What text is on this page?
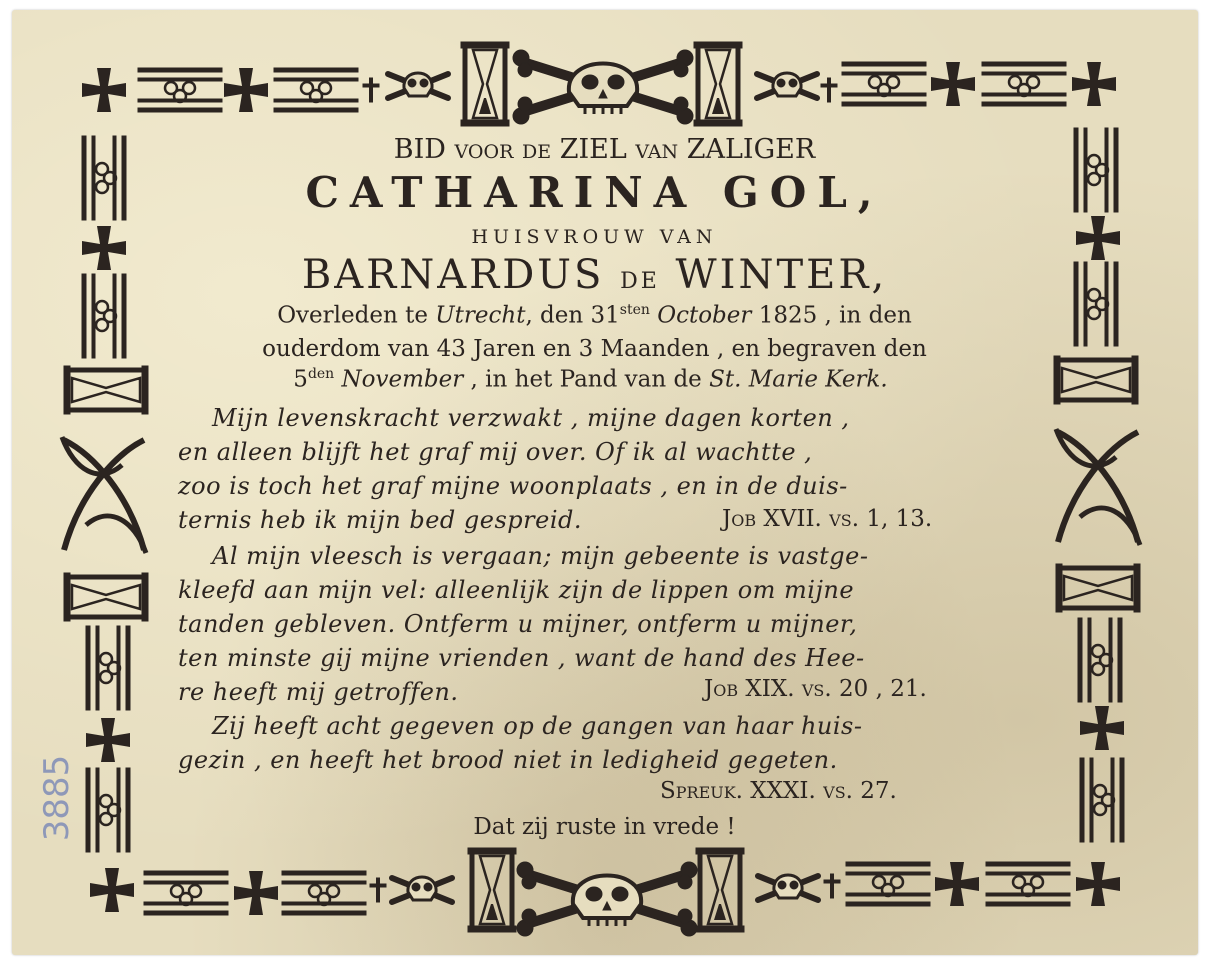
BID voor de ZIEL van ZALIGER
CATHARINA GOL,
HUISVROUW VAN
BARNARDUS de WINTER,
Overleden te Utrecht, den $31^{sten}$ October 1825 , in den
ouderdom van 43 Jaren en 3 Maanden , en begraven den
$5^{den}$ November , in het Pand van de St. Marie Kerk.
Mijn levenskracht verzwakt , mijne dagen korten ,
en alleen blijft het graf mij over. Of ik al wachtte ,
zoo is toch het graf mijne woonplaats , en in de duis-
ternis heb ik mijn bed gespreid.	Job XVII. vs. 1, 13.
Al mijn vleesch is vergaan; mijn gebeente is vastge-
kleefd aan mijn vel: alleenlijk zijn de lippen om mijne
tanden gebleven. Ontferm u mijner, ontferm u mijner,
ten minste gij mijne vrienden , want de hand des Hee-
re heeft mij getroffen.	Job XIX. vs. 20 , 21.
Zij heeft acht gegeven op de gangen van haar huis-
gezin , en heeft het brood niet in ledigheid gegeten.
Spreuk. XXXI. vs. 27.
Dat zij ruste in vrede !
3885
